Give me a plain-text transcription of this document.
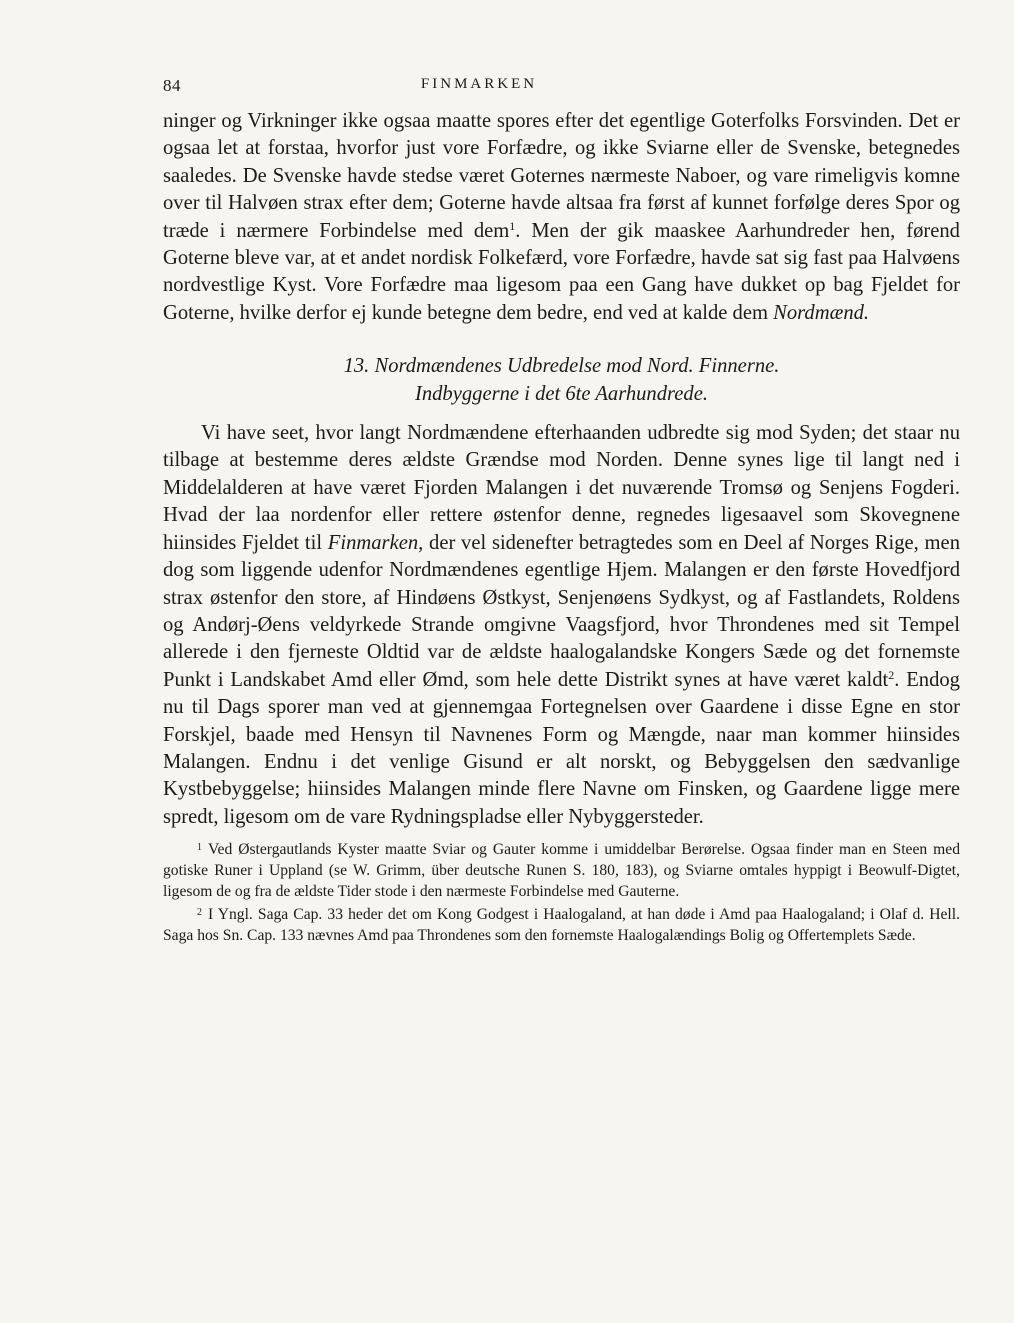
84	FINMARKEN

ninger og Virkninger ikke ogsaa maatte spores efter det egentlige Goterfolks Forsvinden. Det er ogsaa let at forstaa, hvorfor just vore Forfædre, og ikke Sviarne eller de Svenske, betegnedes saaledes. De Svenske havde stedse været Goternes nærmeste Naboer, og vare rimeligvis komne over til Halvøen strax efter dem; Goterne havde altsaa fra først af kunnet forfølge deres Spor og træde i nærmere Forbindelse med dem$^1$. Men der gik maaskee Aarhundreder hen, førend Goterne bleve var, at et andet nordisk Folkefærd, vore Forfædre, havde sat sig fast paa Halvøens nordvestlige Kyst. Vore Forfædre maa ligesom paa een Gang have dukket op bag Fjeldet for Goterne, hvilke derfor ej kunde betegne dem bedre, end ved at kalde dem Nordmænd.

13. Nordmændenes Udbredelse mod Nord. Finnerne.
Indbyggerne i det 6te Aarhundrede.

Vi have seet, hvor langt Nordmændene efterhaanden udbredte sig mod Syden; det staar nu tilbage at bestemme deres ældste Grændse mod Norden. Denne synes lige til langt ned i Middelalderen at have været Fjorden Malangen i det nuværende Tromsø og Senjens Fogderi. Hvad der laa nordenfor eller rettere østenfor denne, regnedes ligesaavel som Skovegnene hiinsides Fjeldet til Finmarken, der vel sidenefter betragtedes som en Deel af Norges Rige, men dog som liggende udenfor Nordmændenes egentlige Hjem. Malangen er den første Hovedfjord strax østenfor den store, af Hindøens Østkyst, Senjenøens Sydkyst, og af Fastlandets, Roldens og Andørj-Øens veldyrkede Strande omgivne Vaagsfjord, hvor Throndenes med sit Tempel allerede i den fjerneste Oldtid var de ældste haalogalandske Kongers Sæde og det fornemste Punkt i Landskabet Amd eller Ømd, som hele dette Distrikt synes at have været kaldt$^2$. Endog nu til Dags sporer man ved at gjennemgaa Fortegnelsen over Gaardene i disse Egne en stor Forskjel, baade med Hensyn til Navnenes Form og Mængde, naar man kommer hiinsides Malangen. Endnu i det venlige Gisund er alt norskt, og Bebyggelsen den sædvanlige Kystbebyggelse; hiinsides Malangen minde flere Navne om Finsken, og Gaardene ligge mere spredt, ligesom om de vare Rydningspladse eller Nybyggersteder.

$^1$ Ved Østergautlands Kyster maatte Sviar og Gauter komme i umiddelbar Berørelse. Ogsaa finder man en Steen med gotiske Runer i Uppland (se W. Grimm, über deutsche Runen S. 180, 183), og Sviarne omtales hyppigt i Beowulf-Digtet, ligesom de og fra de ældste Tider stode i den nærmeste Forbindelse med Gauterne.

$^2$ I Yngl. Saga Cap. 33 heder det om Kong Godgest i Haalogaland, at han døde i Amd paa Haalogaland; i Olaf d. Hell. Saga hos Sn. Cap. 133 nævnes Amd paa Throndenes som den fornemste Haalogalændings Bolig og Offertemplets Sæde.
